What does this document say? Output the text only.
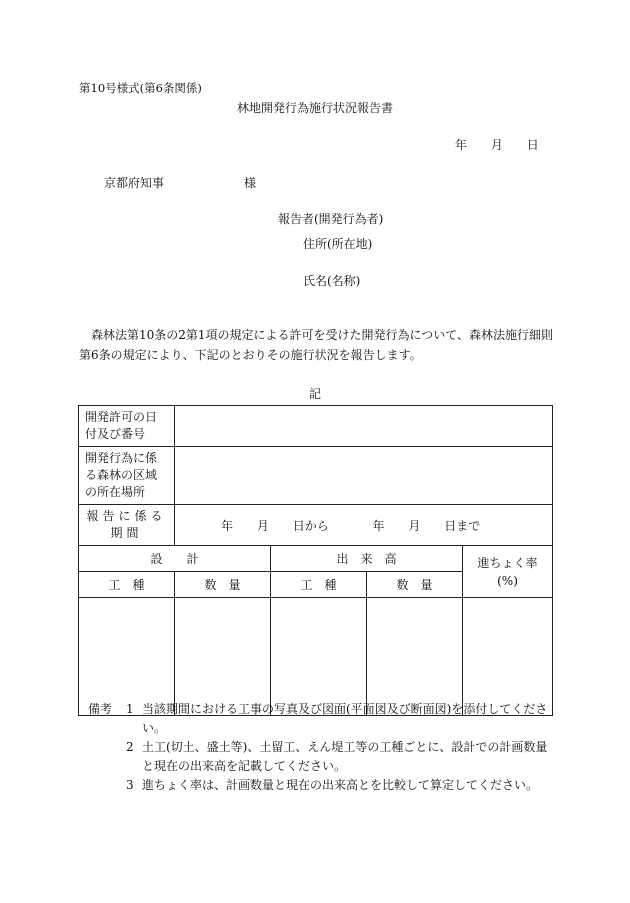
第10号様式(第6条関係)
林地開発行為施行状況報告書
年 月 日
京都府知事	様
報告者(開発行為者)
住所(所在地)
氏名(名称)
森林法第10条の2第1項の規定による許可を受けた開発行為について、森林法施行細則第6条の規定により、下記のとおりその施行状況を報告します。
記
開発許可の日付及び番号				
開発行為に係る森林の区域の所在場所				
報告に係る期間	年 月 日から 年 月 日まで			
設　　計		出　来　高		進ちょく率
(%)

工　種	数　量	工　種	数　量	

備考 1 当該期間における工事の写真及び図面(平面図及び断面図)を添付してください。
2 土工(切土、盛土等)、土留工、えん堤工等の工種ごとに、設計での計画数量と現在の出来高を記載してください。
3 進ちょく率は、計画数量と現在の出来高とを比較して算定してください。
